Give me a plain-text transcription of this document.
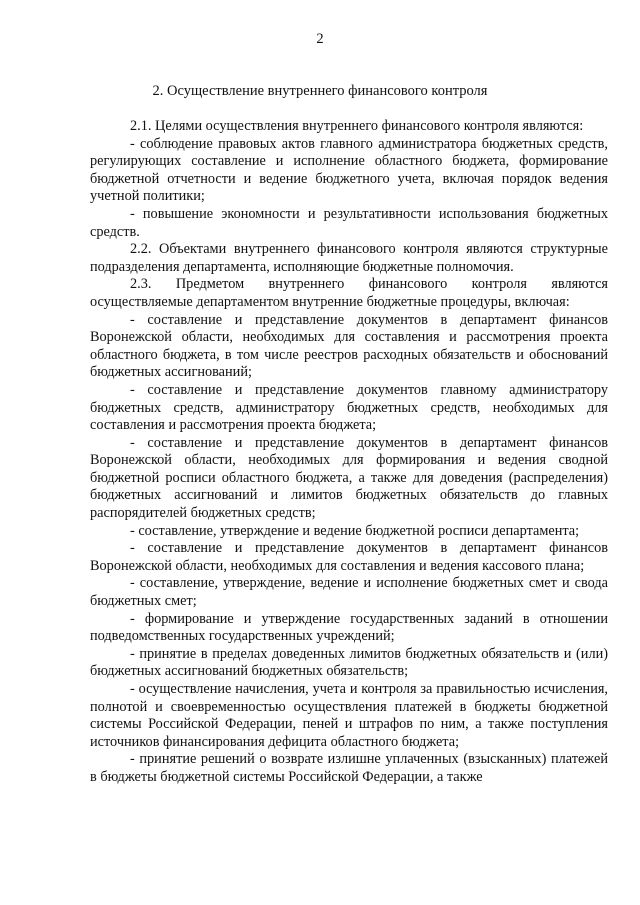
2
2. Осуществление внутреннего финансового контроля

2.1. Целями осуществления внутреннего финансового контроля являются:

- соблюдение правовых актов главного администратора бюджетных средств, регулирующих составление и исполнение областного бюджета, формирование бюджетной отчетности и ведение бюджетного учета, включая порядок ведения учетной политики;

- повышение экономности и результативности использования бюджетных средств.

2.2. Объектами внутреннего финансового контроля являются структурные подразделения департамента, исполняющие бюджетные полномочия.

2.3. Предметом внутреннего финансового контроля являются осуществляемые департаментом внутренние бюджетные процедуры, включая:

- составление и представление документов в департамент финансов Воронежской области, необходимых для составления и рассмотрения проекта областного бюджета, в том числе реестров расходных обязательств и обоснований бюджетных ассигнований;

- составление и представление документов главному администратору бюджетных средств, администратору бюджетных средств, необходимых для составления и рассмотрения проекта бюджета;

- составление и представление документов в департамент финансов Воронежской области, необходимых для формирования и ведения сводной бюджетной росписи областного бюджета, а также для доведения (распределения) бюджетных ассигнований и лимитов бюджетных обязательств до главных распорядителей бюджетных средств;

- составление, утверждение и ведение бюджетной росписи департамента;

- составление и представление документов в департамент финансов Воронежской области, необходимых для составления и ведения кассового плана;

- составление, утверждение, ведение и исполнение бюджетных смет и свода бюджетных смет;

- формирование и утверждение государственных заданий в отношении подведомственных государственных учреждений;

- принятие в пределах доведенных лимитов бюджетных обязательств и (или) бюджетных ассигнований бюджетных обязательств;

- осуществление начисления, учета и контроля за правильностью исчисления, полнотой и своевременностью осуществления платежей в бюджеты бюджетной системы Российской Федерации, пеней и штрафов по ним, а также поступления источников финансирования дефицита областного бюджета;

- принятие решений о возврате излишне уплаченных (взысканных) платежей в бюджеты бюджетной системы Российской Федерации, а также
